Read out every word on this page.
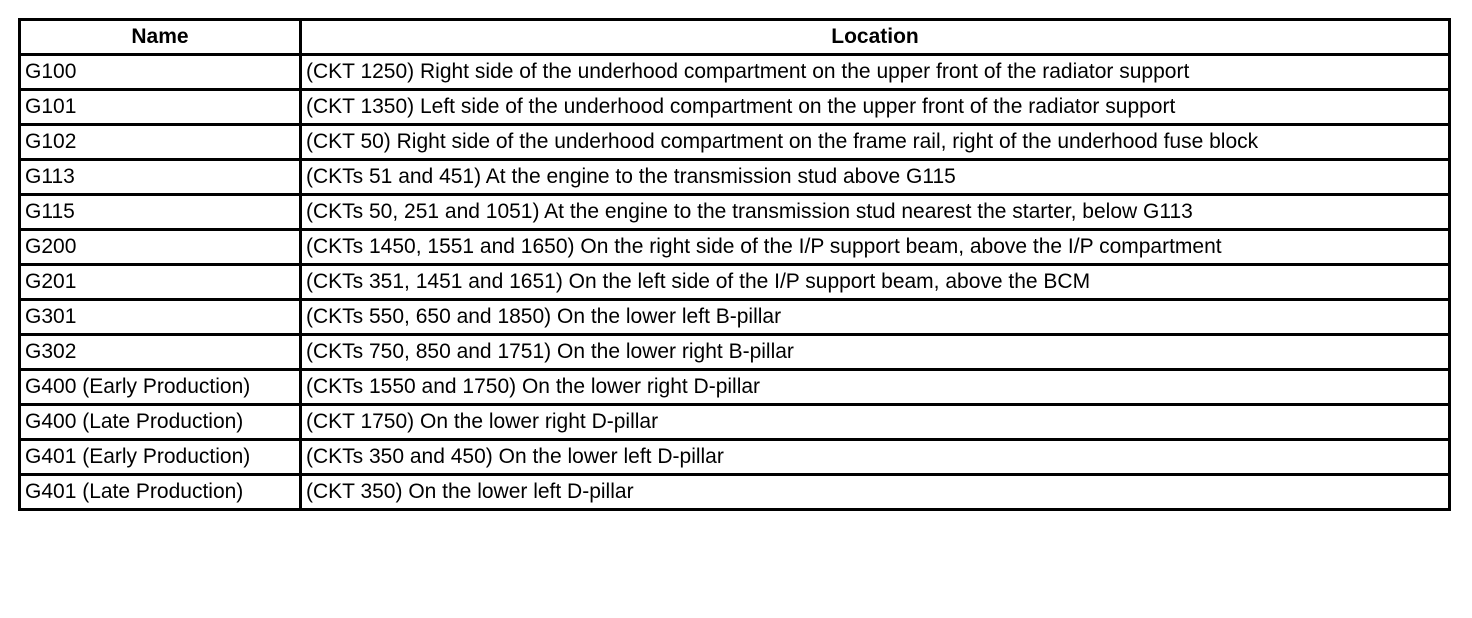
Name	Location
G100	(CKT 1250) Right side of the underhood compartment on the upper front of the radiator support
G101	(CKT 1350) Left side of the underhood compartment on the upper front of the radiator support
G102	(CKT 50) Right side of the underhood compartment on the frame rail, right of the underhood fuse block
G113	(CKTs 51 and 451) At the engine to the transmission stud above G115
G115	(CKTs 50, 251 and 1051) At the engine to the transmission stud nearest the starter, below G113
G200	(CKTs 1450, 1551 and 1650) On the right side of the I/P support beam, above the I/P compartment
G201	(CKTs 351, 1451 and 1651) On the left side of the I/P support beam, above the BCM
G301	(CKTs 550, 650 and 1850) On the lower left B-pillar
G302	(CKTs 750, 850 and 1751) On the lower right B-pillar
G400 (Early Production)	(CKTs 1550 and 1750) On the lower right D-pillar
G400 (Late Production)	(CKT 1750) On the lower right D-pillar
G401 (Early Production)	(CKTs 350 and 450) On the lower left D-pillar
G401 (Late Production)	(CKT 350) On the lower left D-pillar
